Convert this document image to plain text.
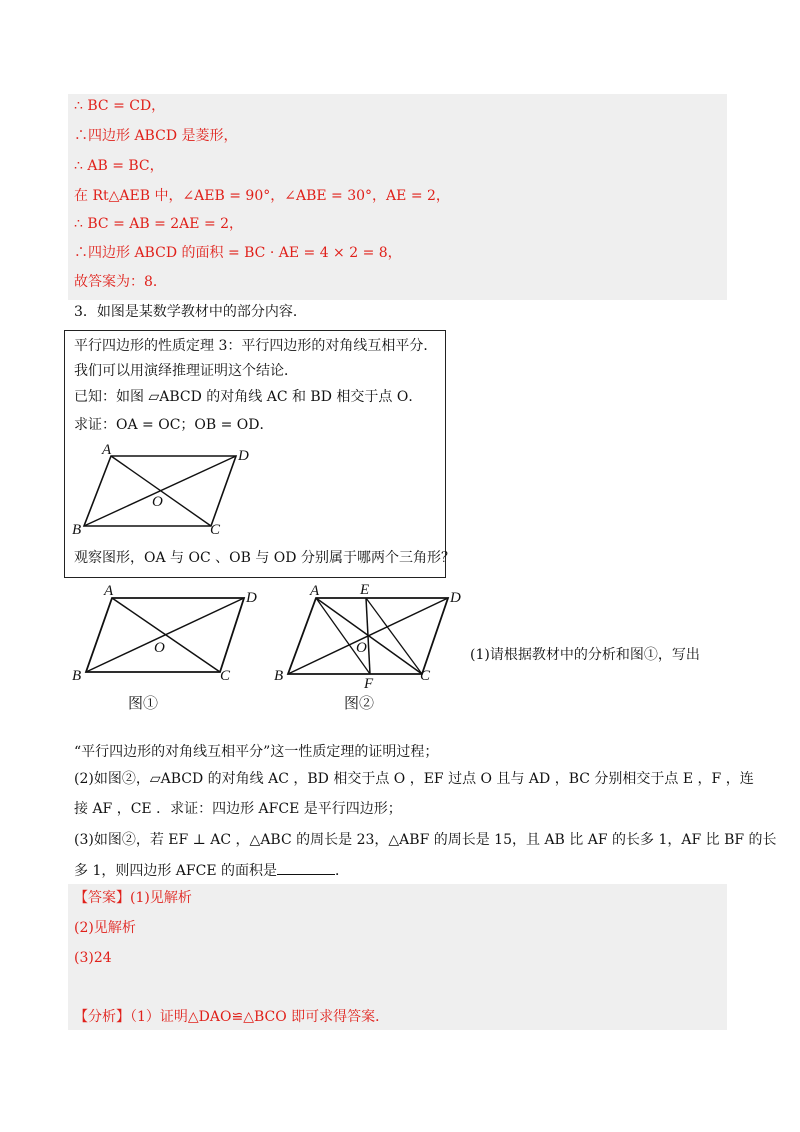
∴ BC = CD，
∴四边形 ABCD 是菱形，
∴ AB = BC，
在 Rt△AEB 中，∠AEB = 90°，∠ABE = 30°，AE = 2，
∴ BC = AB = 2AE = 2，
∴四边形 ABCD 的面积 = BC · AE = 4 × 2 = 8，
故答案为：8．
3．如图是某数学教材中的部分内容．
平行四边形的性质定理 3：平行四边形的对角线互相平分．
我们可以用演绎推理证明这个结论．
已知：如图 ▱ABCD 的对角线 AC 和 BD 相交于点 O．
求证：OA = OC；OB = OD．
A	D
B	C
O
观察图形，OA 与 OC 、OB 与 OD 分别属于哪两个三角形？
A	D
B	C
O
图①
A	E	D
B	F	C
O
图②
(1)请根据教材中的分析和图①，写出
“平行四边形的对角线互相平分”这一性质定理的证明过程；
(2)如图②，▱ABCD 的对角线 AC ，BD 相交于点 O ，EF 过点 O 且与 AD ，BC 分别相交于点 E ，F ，连
接 AF ，CE ．求证：四边形 AFCE 是平行四边形；
(3)如图②，若 EF ⊥ AC ，△ABC 的周长是 23，△ABF 的周长是 15，且 AB 比 AF 的长多 1，AF 比 BF 的长
多 1，则四边形 AFCE 的面积是	．
【答案】(1)见解析
(2)见解析
(3)24
【分析】（1）证明△DAO≌△BCO 即可求得答案．
